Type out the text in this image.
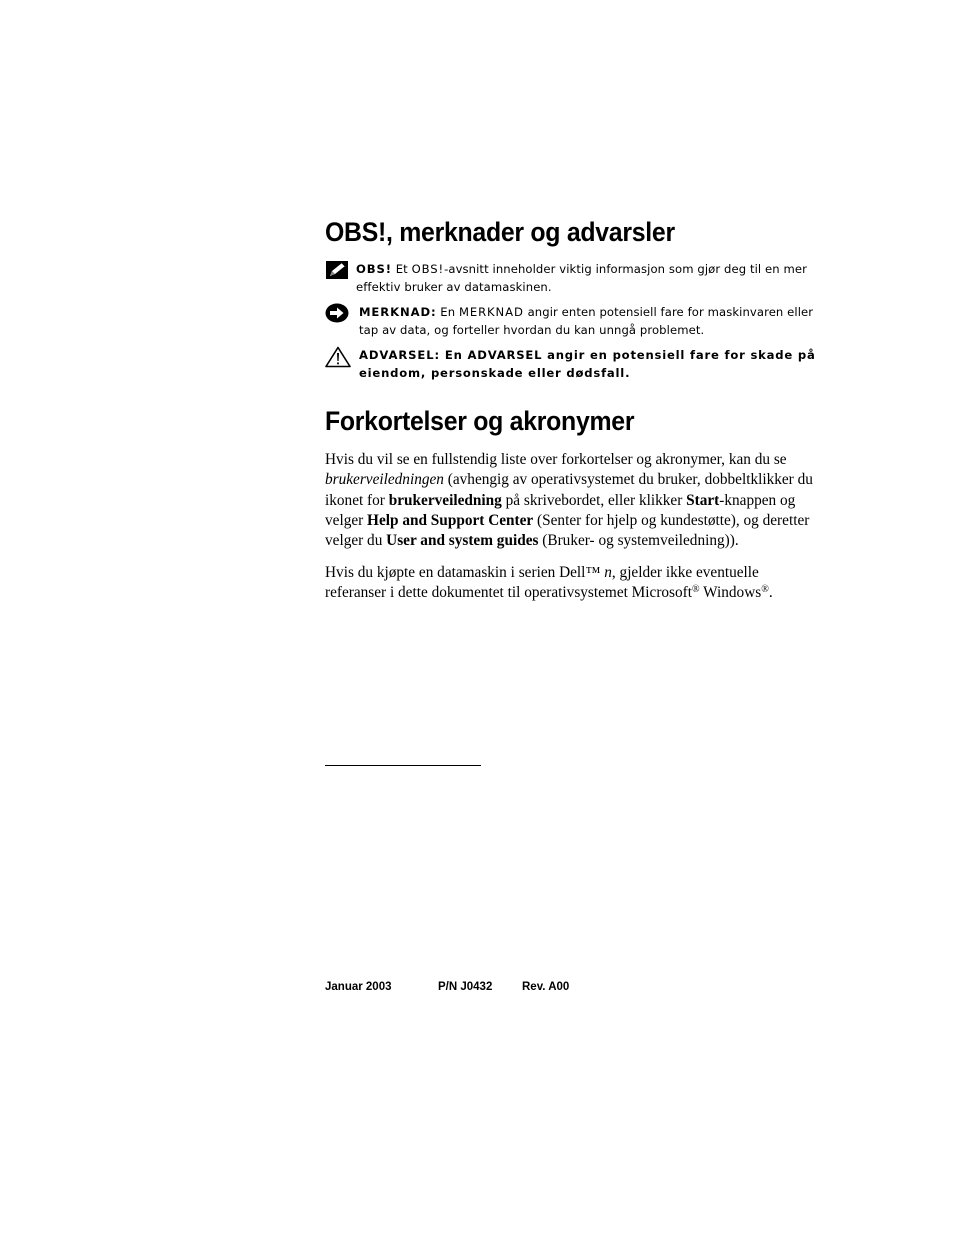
OBS!, merknader og advarsler
OBS! Et OBS!-avsnitt inneholder viktig informasjon som gjør deg til en mer effektiv bruker av datamaskinen.
MERKNAD: En MERKNAD angir enten potensiell fare for maskinvaren eller tap av data, og forteller hvordan du kan unngå problemet.
ADVARSEL: En ADVARSEL angir en potensiell fare for skade på eiendom, personskade eller dødsfall.
Forkortelser og akronymer

Hvis du vil se en fullstendig liste over forkortelser og akronymer, kan du se brukerveiledningen (avhengig av operativsystemet du bruker, dobbeltklikker du ikonet for brukerveiledning på skrivebordet, eller klikker Start-knappen og velger Help and Support Center (Senter for hjelp og kundestøtte), og deretter velger du User and system guides (Bruker- og systemveiledning)).

Hvis du kjøpte en datamaskin i serien Dell™ n, gjelder ikke eventuelle referanser i dette dokumentet til operativsystemet Microsoft® Windows®.

Januar 2003	P/N J0432	Rev. A00
